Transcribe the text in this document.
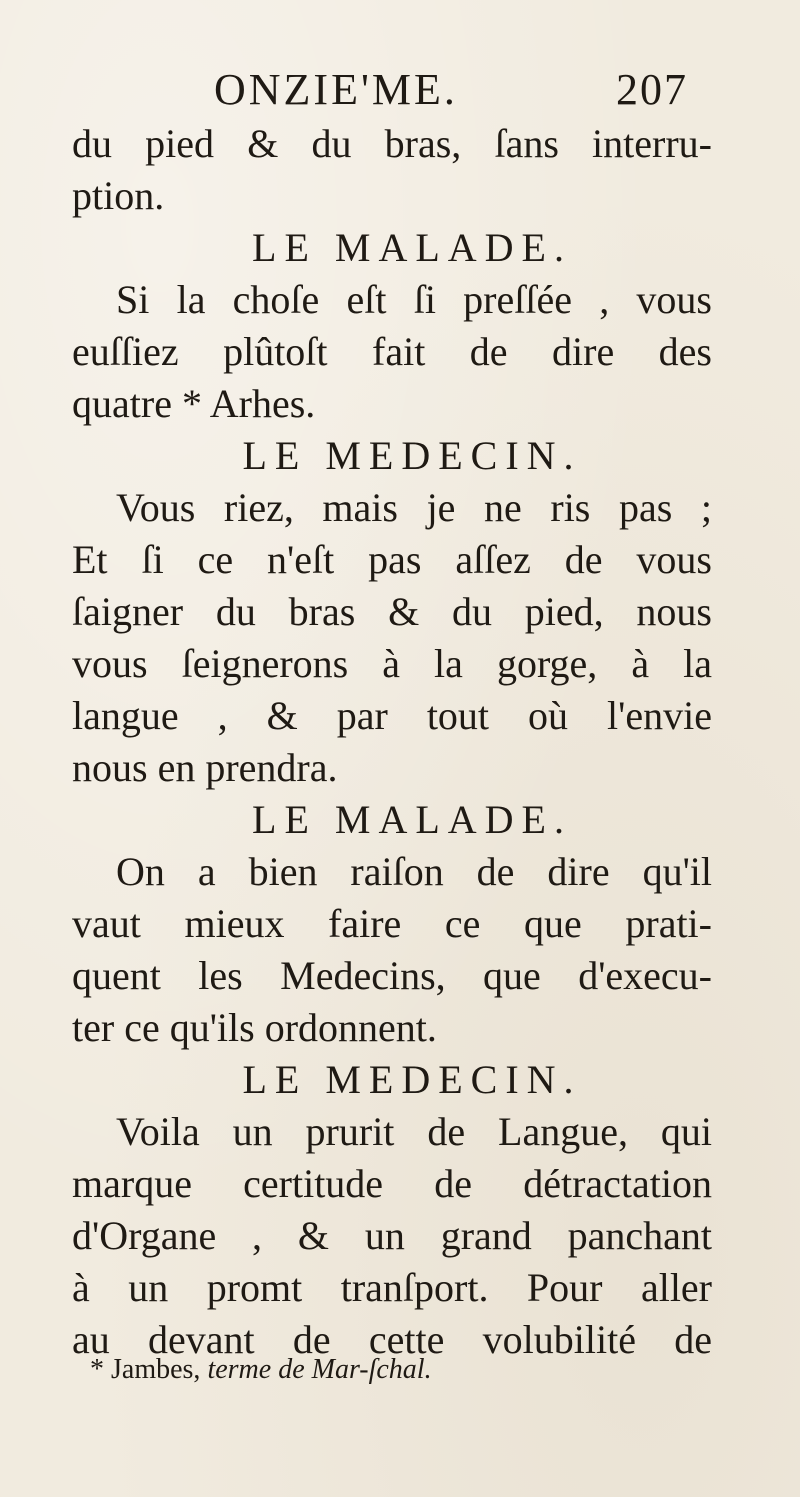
ONZIE'ME.	207
du pied & du bras, ſans interru-
ption.
LE MALADE.
Si la choſe eſt ſi preſſée , vous
euſſiez plûtoſt fait de dire des
quatre * Arhes.
LE MEDECIN.
Vous riez, mais je ne ris pas ;
Et ſi ce n'eſt pas aſſez de vous
ſaigner du bras & du pied, nous
vous ſeignerons à la gorge, à la
langue , & par tout où l'envie
nous en prendra.
LE MALADE.
On a bien raiſon de dire qu'il
vaut mieux faire ce que prati-
quent les Medecins, que d'execu-
ter ce qu'ils ordonnent.
LE MEDECIN.
Voila un prurit de Langue, qui
marque certitude de détractation
d'Organe , & un grand panchant
à un promt tranſport. Pour aller
au devant de cette volubilité de
* Jambes, terme de Mar-ſchal.
